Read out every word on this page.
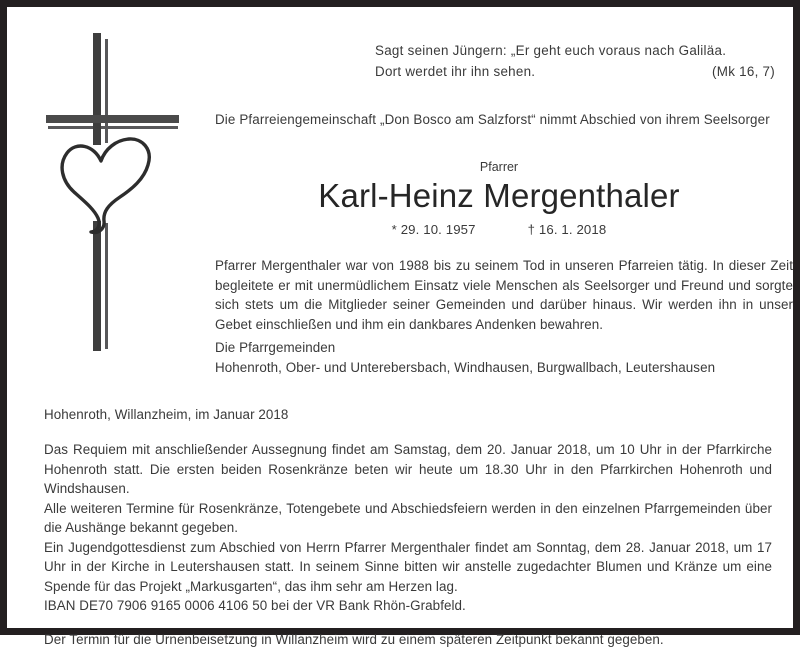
Sagt seinen Jüngern: „Er geht euch voraus nach Galiläa.
(Mk 16, 7)
Dort werdet ihr ihn sehen.
Die Pfarreiengemeinschaft „Don Bosco am Salzforst“ nimmt Abschied von ihrem Seelsorger
Pfarrer
Karl-Heinz Mergenthaler
* 29. 10. 1957	† 16. 1. 2018
Pfarrer Mergenthaler war von 1988 bis zu seinem Tod in unseren Pfarreien tätig. In dieser Zeit begleitete er mit unermüdlichem Einsatz viele Menschen als Seelsorger und Freund und sorgte sich stets um die Mitglieder seiner Gemeinden und darüber hinaus. Wir werden ihn in unser Gebet einschließen und ihm ein dankbares Andenken bewahren.
Die Pfarrgemeinden
Hohenroth, Ober- und Unterebersbach, Windhausen, Burgwallbach, Leutershausen
Hohenroth, Willanzheim, im Januar 2018

Das Requiem mit anschließender Aussegnung findet am Samstag, dem 20. Januar 2018, um 10 Uhr in der Pfarrkirche Hohenroth statt. Die ersten beiden Rosenkränze beten wir heute um 18.30 Uhr in den Pfarrkirchen Hohenroth und Windshausen.

Alle weiteren Termine für Rosenkränze, Totengebete und Abschiedsfeiern werden in den einzelnen Pfarrgemeinden über die Aushänge bekannt gegeben.

Ein Jugendgottesdienst zum Abschied von Herrn Pfarrer Mergenthaler findet am Sonntag, dem 28. Januar 2018, um 17 Uhr in der Kirche in Leutershausen statt. In seinem Sinne bitten wir anstelle zugedachter Blumen und Kränze um eine Spende für das Projekt „Markusgarten“, das ihm sehr am Herzen lag.

IBAN DE70 7906 9165 0006 4106 50 bei der VR Bank Rhön-Grabfeld.

Der Termin für die Urnenbeisetzung in Willanzheim wird zu einem späteren Zeitpunkt bekannt gegeben.
